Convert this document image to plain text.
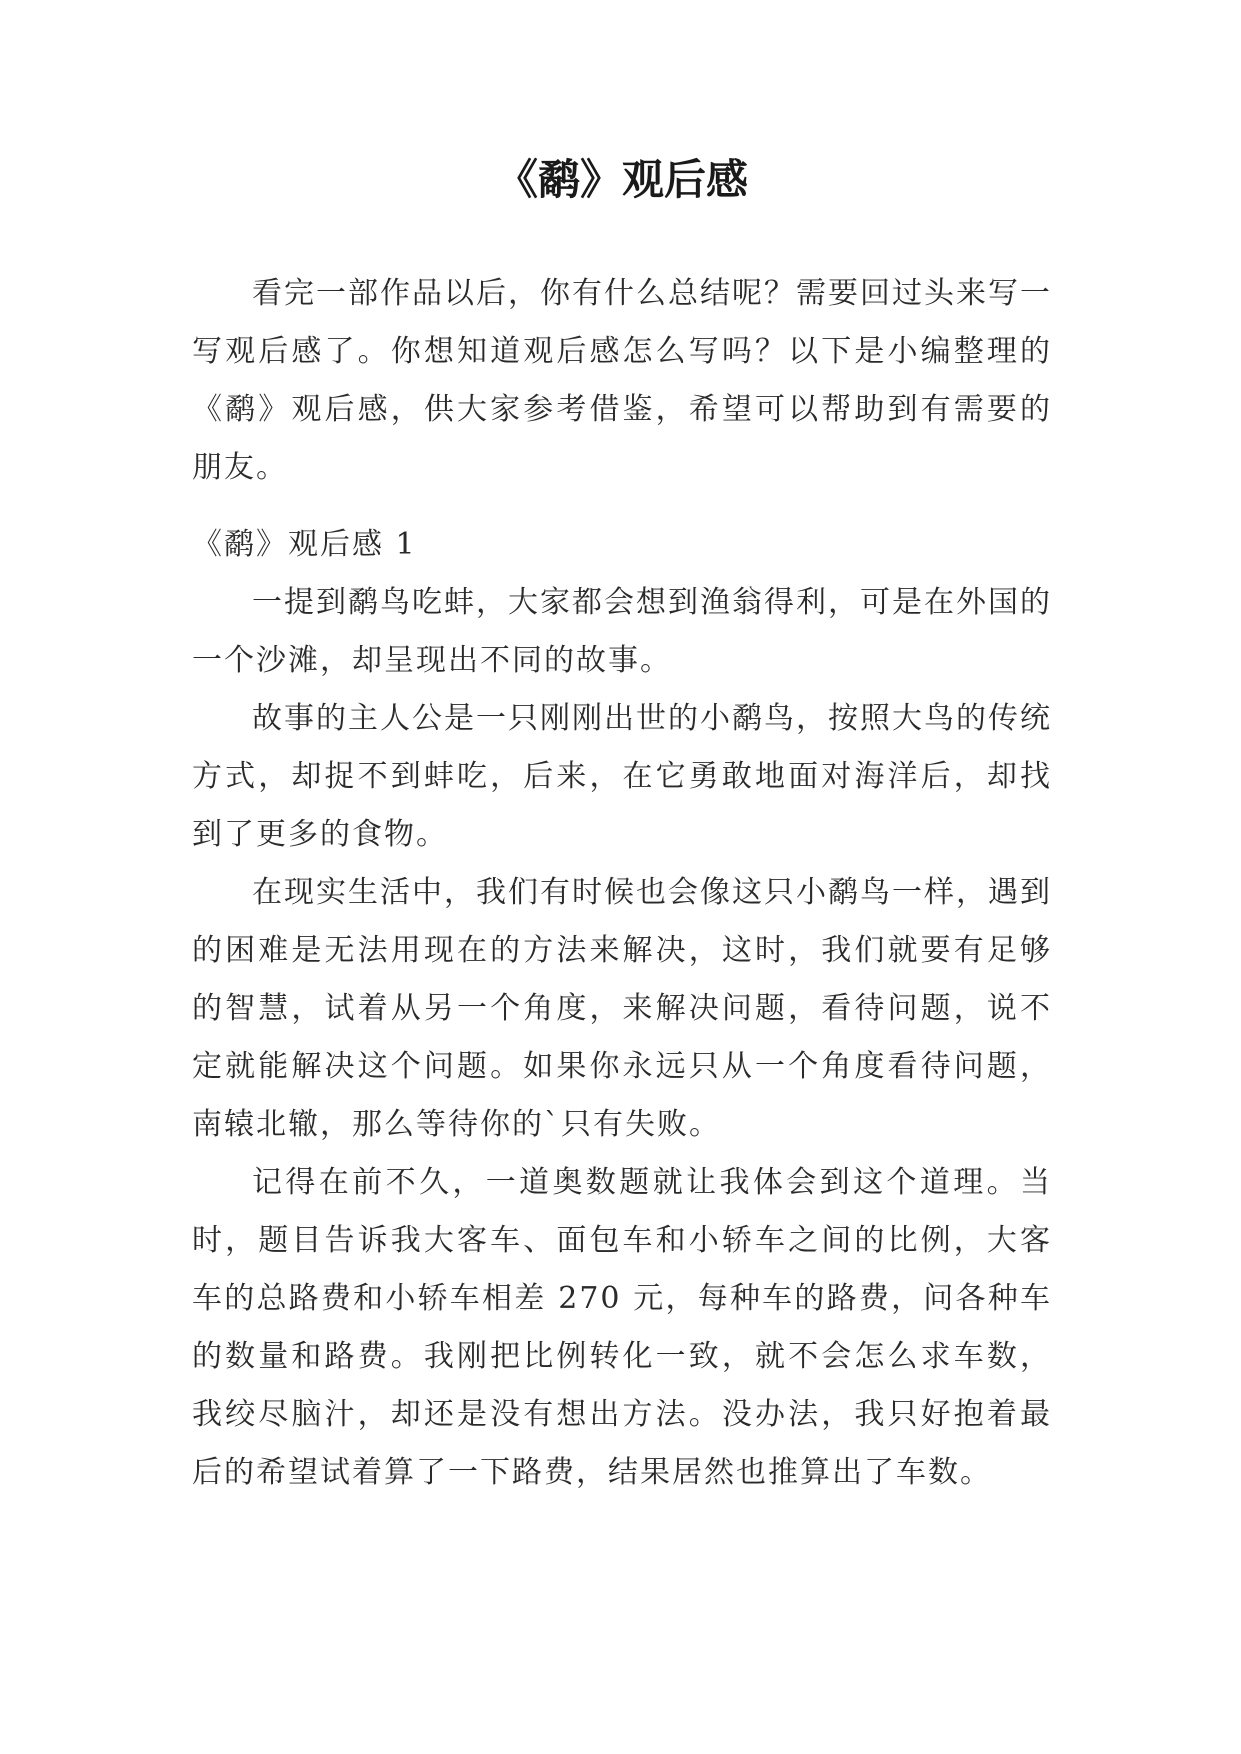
《鹬》观后感

看完一部作品以后，你有什么总结呢？需要回过头来写一写观后感了。你想知道观后感怎么写吗？以下是小编整理的《鹬》观后感，供大家参考借鉴，希望可以帮助到有需要的朋友。

《鹬》观后感 1

一提到鹬鸟吃蚌，大家都会想到渔翁得利，可是在外国的一个沙滩，却呈现出不同的故事。

故事的主人公是一只刚刚出世的小鹬鸟，按照大鸟的传统方式，却捉不到蚌吃，后来，在它勇敢地面对海洋后，却找到了更多的食物。

在现实生活中，我们有时候也会像这只小鹬鸟一样，遇到的困难是无法用现在的方法来解决，这时，我们就要有足够的智慧，试着从另一个角度，来解决问题，看待问题，说不定就能解决这个问题。如果你永远只从一个角度看待问题，南辕北辙，那么等待你的`只有失败。

记得在前不久，一道奥数题就让我体会到这个道理。当时，题目告诉我大客车、面包车和小轿车之间的比例，大客车的总路费和小轿车相差 270 元，每种车的路费，问各种车的数量和路费。我刚把比例转化一致，就不会怎么求车数，我绞尽脑汁，却还是没有想出方法。没办法，我只好抱着最后的希望试着算了一下路费，结果居然也推算出了车数。
